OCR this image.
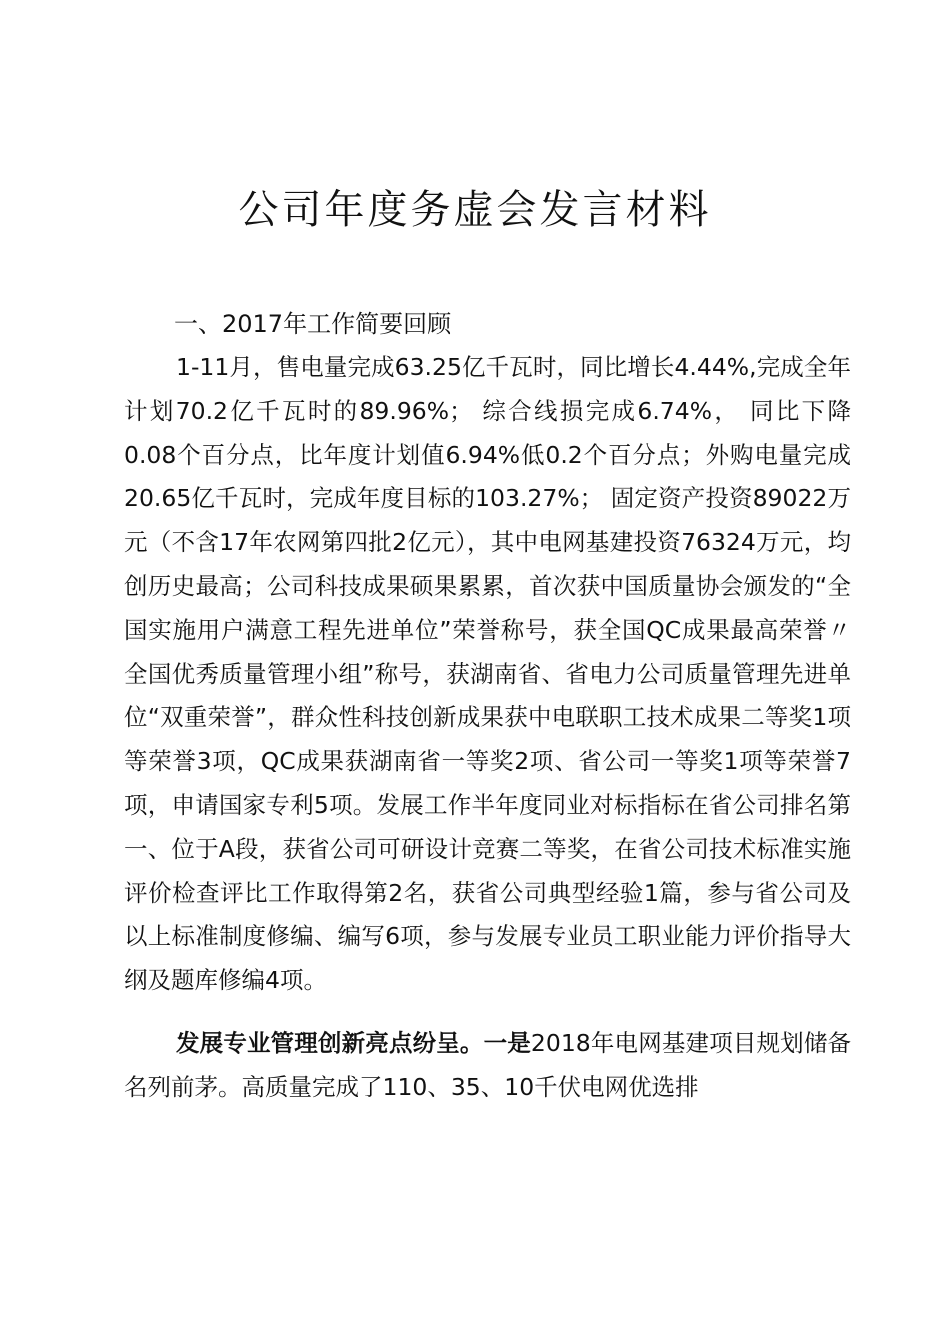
公司年度务虚会发言材料
一、2017年工作简要回顾

1-11月，售电量完成63.25亿千瓦时，同比增长4.44%,完成全年计划70.2亿千瓦时的89.96%； 综合线损完成6.74%， 同比下降0.08个百分点，比年度计划值6.94%低0.2个百分点；外购电量完成20.65亿千瓦时，完成年度目标的103.27%； 固定资产投资89022万元（不含17年农网第四批2亿元），其中电网基建投资76324万元，均创历史最高；公司科技成果硕果累累，首次获中国质量协会颁发的“全国实施用户满意工程先进单位”荣誉称号，获全国QC成果最高荣誉〃全国优秀质量管理小组”称号，获湖南省、省电力公司质量管理先进单位“双重荣誉”，群众性科技创新成果获中电联职工技术成果二等奖1项等荣誉3项，QC成果获湖南省一等奖2项、省公司一等奖1项等荣誉7项，申请国家专利5项。发展工作半年度同业对标指标在省公司排名第一、位于A段，获省公司可研设计竞赛二等奖，在省公司技术标准实施评价检查评比工作取得第2名，获省公司典型经验1篇，参与省公司及以上标准制度修编、编写6项，参与发展专业员工职业能力评价指导大纲及题库修编4项。

发展专业管理创新亮点纷呈。一是2018年电网基建项目规划储备名列前茅。高质量完成了110、35、10千伏电网优选排
